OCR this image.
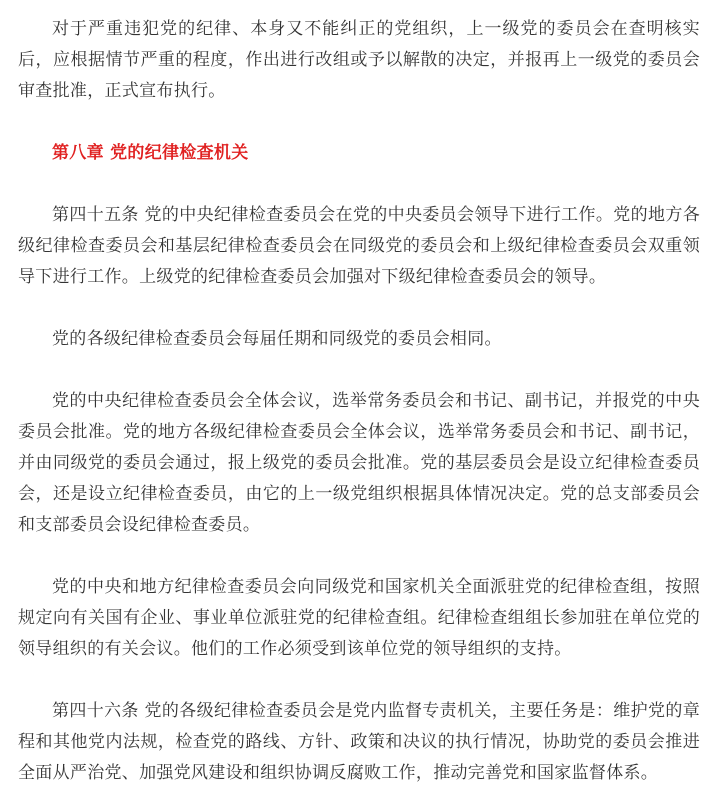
对于严重违犯党的纪律、本身又不能纠正的党组织，上一级党的委员会在查明核实后，应根据情节严重的程度，作出进行改组或予以解散的决定，并报再上一级党的委员会审查批准，正式宣布执行。

第八章 党的纪律检查机关

第四十五条 党的中央纪律检查委员会在党的中央委员会领导下进行工作。党的地方各级纪律检查委员会和基层纪律检查委员会在同级党的委员会和上级纪律检查委员会双重领导下进行工作。上级党的纪律检查委员会加强对下级纪律检查委员会的领导。

党的各级纪律检查委员会每届任期和同级党的委员会相同。

党的中央纪律检查委员会全体会议，选举常务委员会和书记、副书记，并报党的中央委员会批准。党的地方各级纪律检查委员会全体会议，选举常务委员会和书记、副书记，并由同级党的委员会通过，报上级党的委员会批准。党的基层委员会是设立纪律检查委员会，还是设立纪律检查委员，由它的上一级党组织根据具体情况决定。党的总支部委员会和支部委员会设纪律检查委员。

党的中央和地方纪律检查委员会向同级党和国家机关全面派驻党的纪律检查组，按照规定向有关国有企业、事业单位派驻党的纪律检查组。纪律检查组组长参加驻在单位党的领导组织的有关会议。他们的工作必须受到该单位党的领导组织的支持。

第四十六条 党的各级纪律检查委员会是党内监督专责机关，主要任务是：维护党的章程和其他党内法规，检查党的路线、方针、政策和决议的执行情况，协助党的委员会推进全面从严治党、加强党风建设和组织协调反腐败工作，推动完善党和国家监督体系。
